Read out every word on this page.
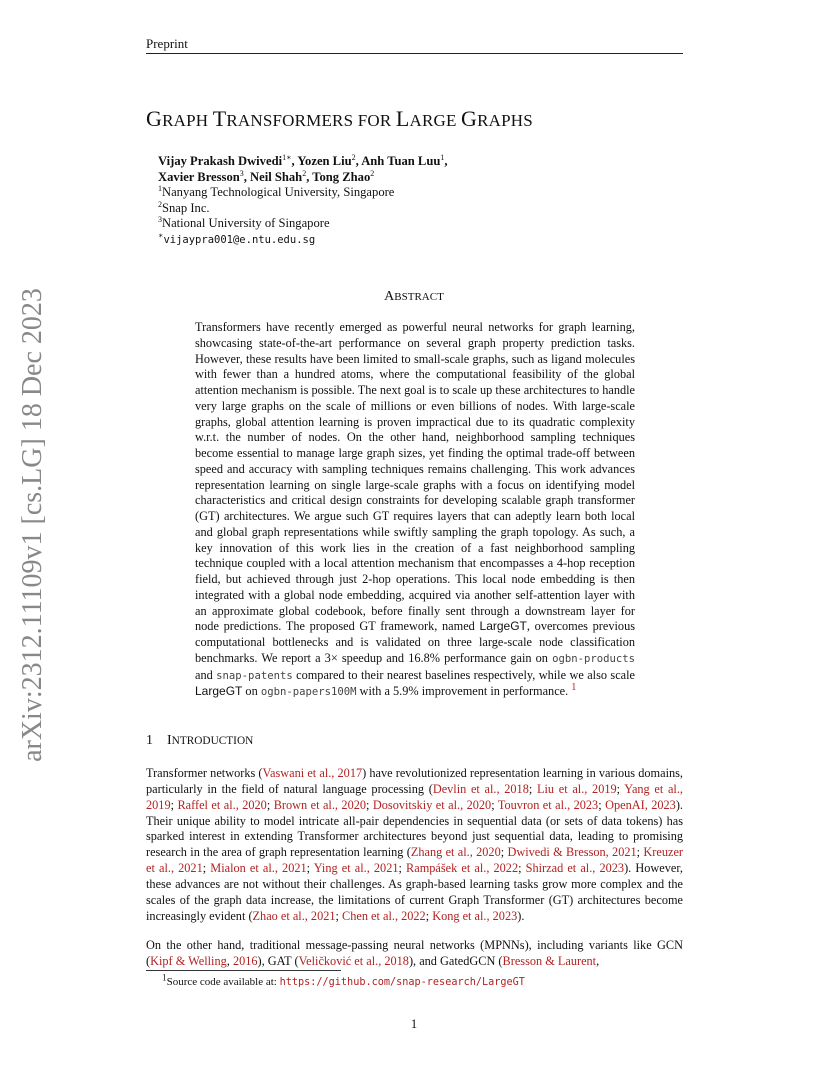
Preprint
arXiv:2312.11109v1 [cs.LG] 18 Dec 2023
GRAPH TRANSFORMERS FOR LARGE GRAPHS
Vijay Prakash Dwivedi$^{1∗}$, Yozen Liu$^2$, Anh Tuan Luu$^1$,
Xavier Bresson$^3$, Neil Shah$^2$, Tong Zhao$^2$
$^1$Nanyang Technological University, Singapore
$^2$Snap Inc.
$^3$National University of Singapore
∗vijaypra001@e.ntu.edu.sg
ABSTRACT
Transformers have recently emerged as powerful neural networks for graph learning, showcasing state-of-the-art performance on several graph property prediction tasks. However, these results have been limited to small-scale graphs, such as ligand molecules with fewer than a hundred atoms, where the computational feasibility of the global attention mechanism is possible. The next goal is to scale up these architectures to handle very large graphs on the scale of millions or even billions of nodes. With large-scale graphs, global attention learning is proven impractical due to its quadratic complexity w.r.t. the number of nodes. On the other hand, neighborhood sampling techniques become essential to manage large graph sizes, yet finding the optimal trade-off between speed and accuracy with sampling techniques remains challenging. This work advances representation learning on single large-scale graphs with a focus on identifying model characteristics and critical design constraints for developing scalable graph transformer (GT) architectures. We argue such GT requires layers that can adeptly learn both local and global graph representations while swiftly sampling the graph topology. As such, a key innovation of this work lies in the creation of a fast neighborhood sampling technique coupled with a local attention mechanism that encompasses a 4-hop reception field, but achieved through just 2-hop operations. This local node embedding is then integrated with a global node embedding, acquired via another self-attention layer with an approximate global codebook, before finally sent through a downstream layer for node predictions. The proposed GT framework, named LargeGT, overcomes previous computational bottlenecks and is validated on three large-scale node classification benchmarks. We report a 3× speedup and 16.8% performance gain on ogbn-products and snap-patents compared to their nearest baselines respectively, while we also scale LargeGT on ogbn-papers100M with a 5.9% improvement in performance. $^1$
1 INTRODUCTION
Transformer networks (Vaswani et al., 2017) have revolutionized representation learning in various domains, particularly in the field of natural language processing (Devlin et al., 2018; Liu et al., 2019; Yang et al., 2019; Raffel et al., 2020; Brown et al., 2020; Dosovitskiy et al., 2020; Touvron et al., 2023; OpenAI, 2023). Their unique ability to model intricate all-pair dependencies in sequential data (or sets of data tokens) has sparked interest in extending Transformer architectures beyond just sequential data, leading to promising research in the area of graph representation learning (Zhang et al., 2020; Dwivedi & Bresson, 2021; Kreuzer et al., 2021; Mialon et al., 2021; Ying et al., 2021; Rampášek et al., 2022; Shirzad et al., 2023). However, these advances are not without their challenges. As graph-based learning tasks grow more complex and the scales of the graph data increase, the limitations of current Graph Transformer (GT) architectures become increasingly evident (Zhao et al., 2021; Chen et al., 2022; Kong et al., 2023).
On the other hand, traditional message-passing neural networks (MPNNs), including variants like GCN (Kipf & Welling, 2016), GAT (Veličković et al., 2018), and GatedGCN (Bresson & Laurent,
$^1$Source code available at: https://github.com/snap-research/LargeGT
1
